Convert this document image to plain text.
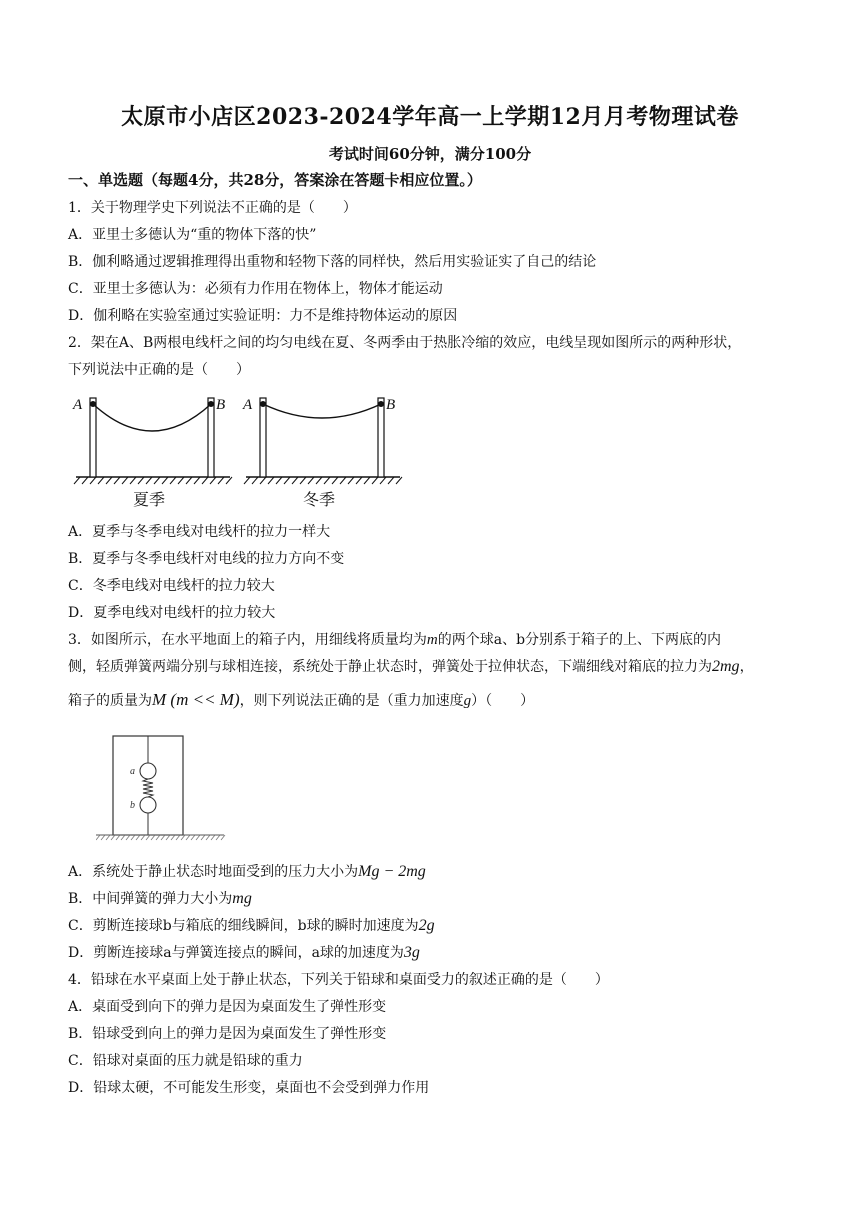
太原市小店区2023-2024学年高一上学期12月月考物理试卷
考试时间60分钟，满分100分
一、单选题（每题4分，共28分，答案涂在答题卡相应位置。）
1．关于物理学史下列说法不正确的是（　　）
A．亚里士多德认为“重的物体下落的快”
B．伽利略通过逻辑推理得出重物和轻物下落的同样快，然后用实验证实了自己的结论
C．亚里士多德认为：必须有力作用在物体上，物体才能运动
D．伽利略在实验室通过实验证明：力不是维持物体运动的原因
2．架在A、B两根电线杆之间的均匀电线在夏、冬两季由于热胀冷缩的效应，电线呈现如图所示的两种形状，
下列说法中正确的是（　　）
A	B
夏季
A	B
冬季
A．夏季与冬季电线对电线杆的拉力一样大
B．夏季与冬季电线杆对电线的拉力方向不变
C．冬季电线对电线杆的拉力较大
D．夏季电线对电线杆的拉力较大
3．如图所示，在水平地面上的箱子内，用细线将质量均为m的两个球a、b分别系于箱子的上、下两底的内
侧，轻质弹簧两端分别与球相连接，系统处于静止状态时，弹簧处于拉伸状态，下端细线对箱底的拉力为2mg，
箱子的质量为M (m << M)，则下列说法正确的是（重力加速度g）（　　）
a
b
A．系统处于静止状态时地面受到的压力大小为Mg − 2mg
B．中间弹簧的弹力大小为mg
C．剪断连接球b与箱底的细线瞬间，b球的瞬时加速度为2g
D．剪断连接球a与弹簧连接点的瞬间，a球的加速度为3g
4．铅球在水平桌面上处于静止状态，下列关于铅球和桌面受力的叙述正确的是（　　）
A．桌面受到向下的弹力是因为桌面发生了弹性形变
B．铅球受到向上的弹力是因为桌面发生了弹性形变
C．铅球对桌面的压力就是铅球的重力
D．铅球太硬，不可能发生形变，桌面也不会受到弹力作用
